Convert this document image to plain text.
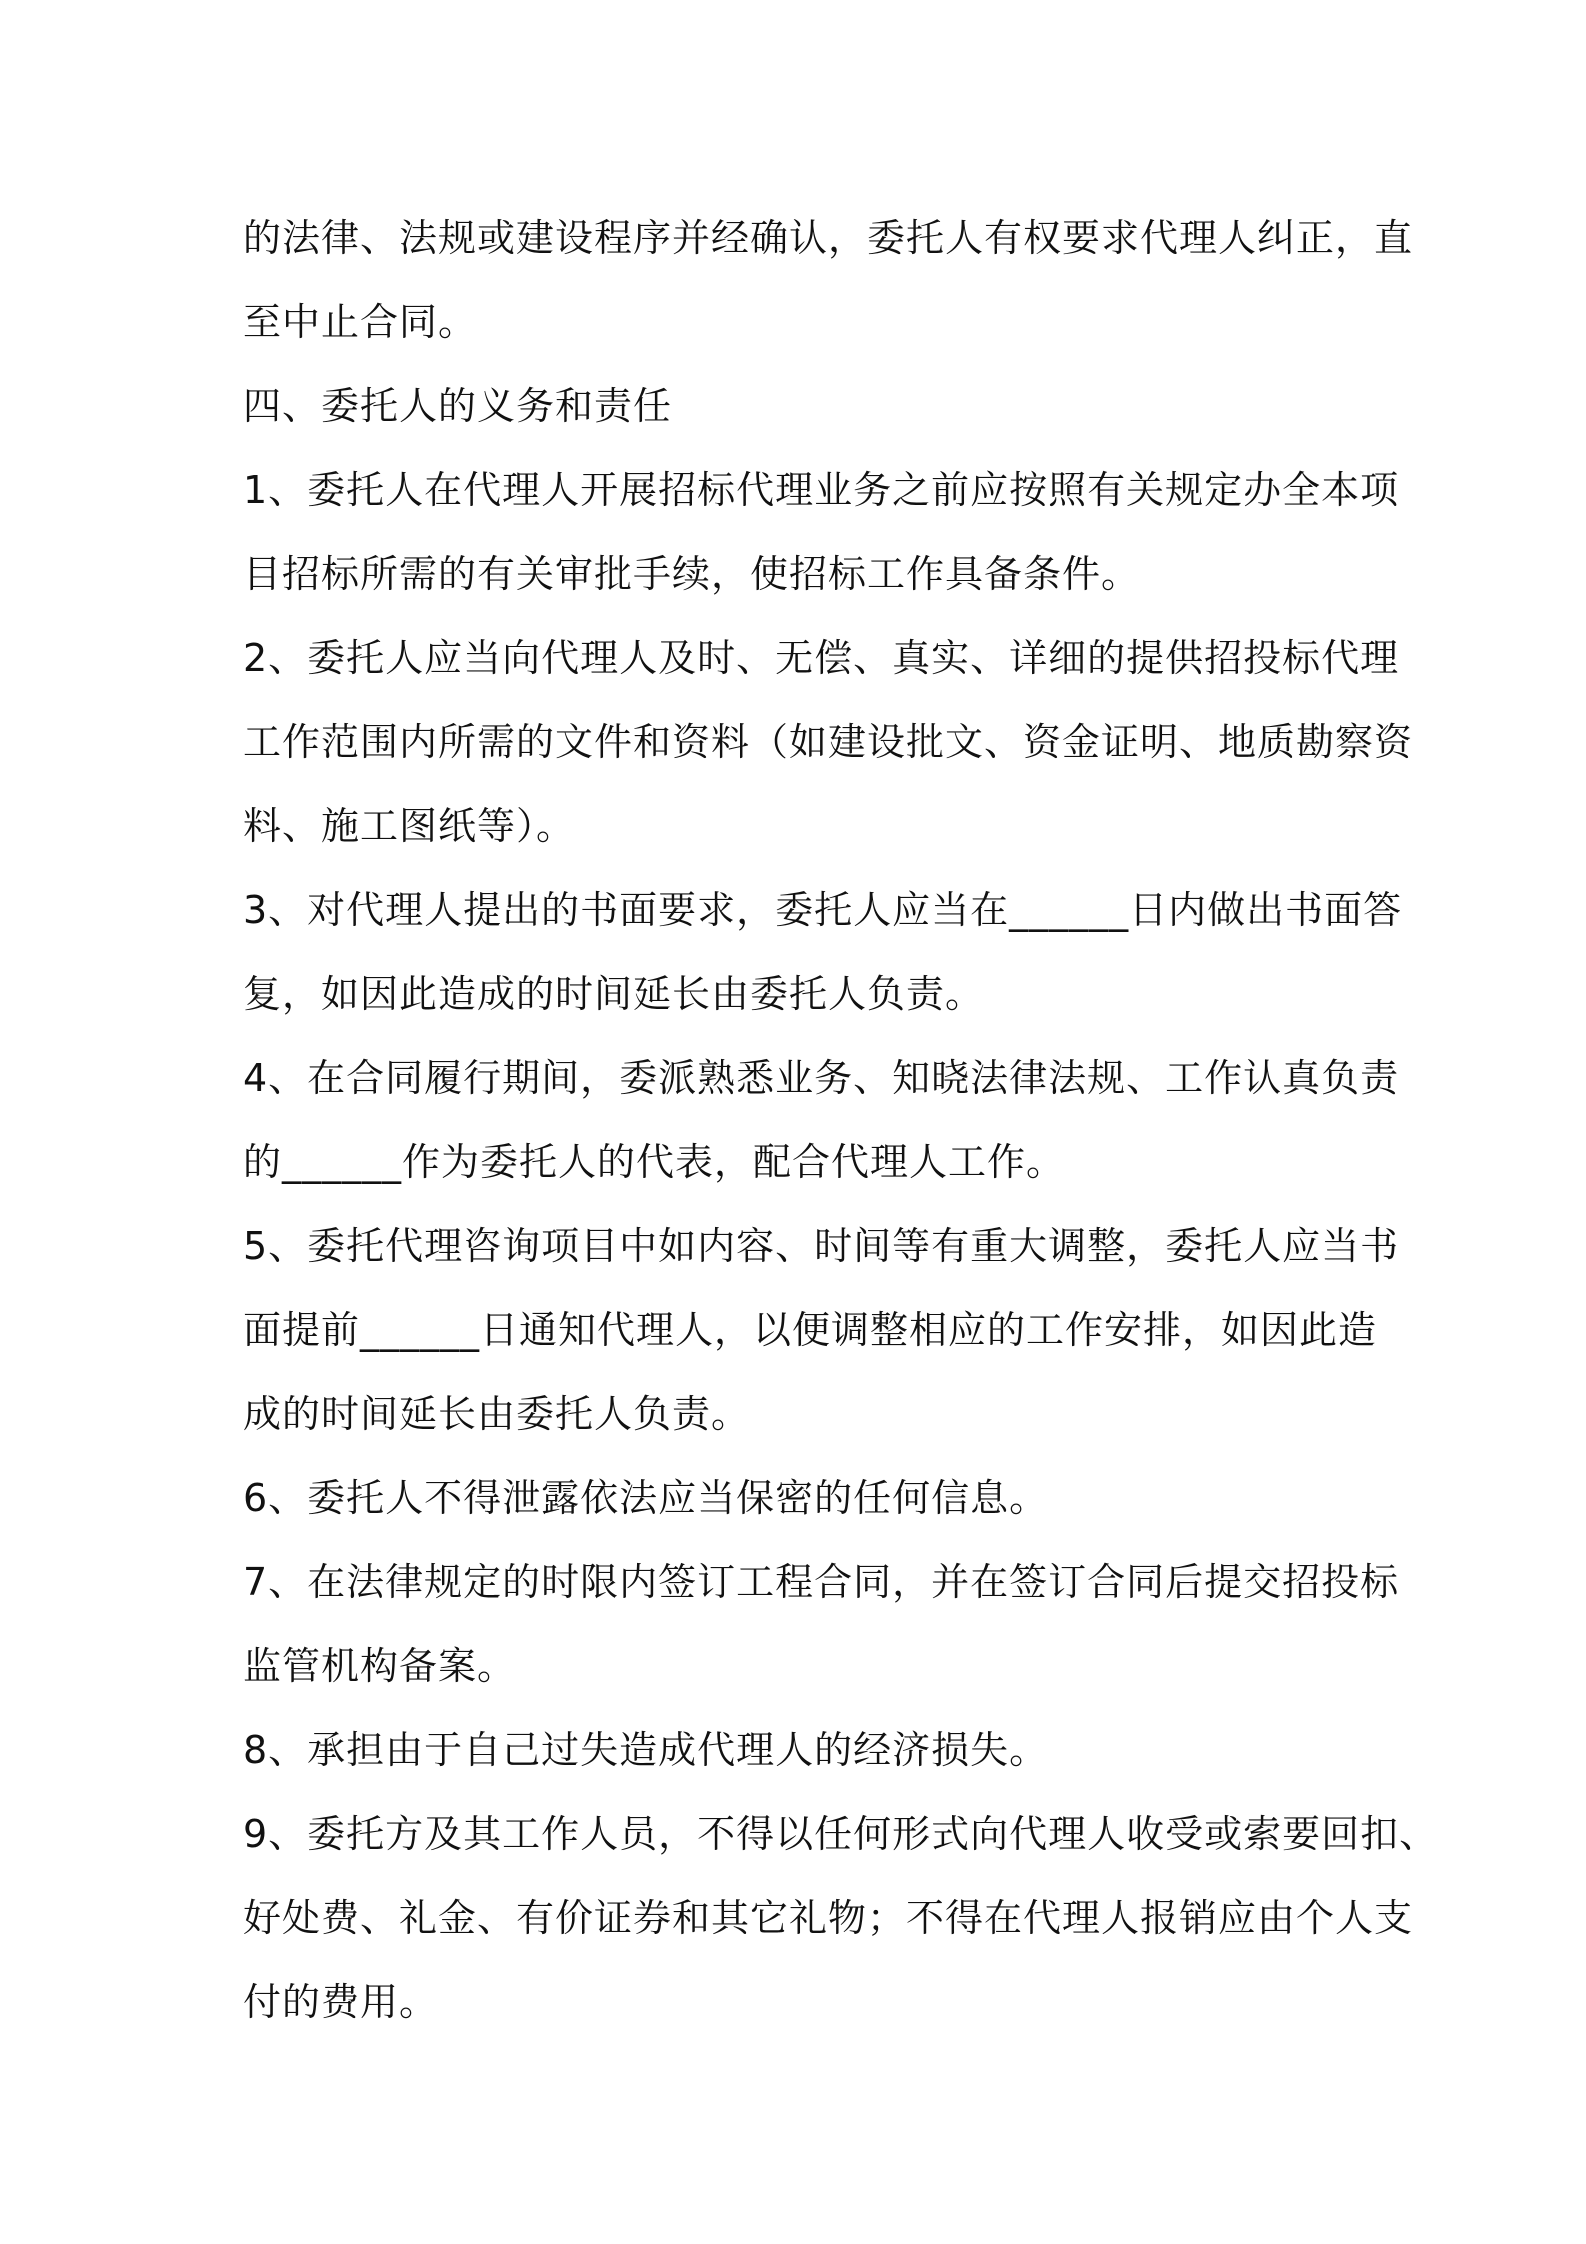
的法律、法规或建设程序并经确认，委托人有权要求代理人纠正，直
至中止合同。
四、委托人的义务和责任
1、委托人在代理人开展招标代理业务之前应按照有关规定办全本项
目招标所需的有关审批手续，使招标工作具备条件。
2、委托人应当向代理人及时、无偿、真实、详细的提供招投标代理
工作范围内所需的文件和资料（如建设批文、资金证明、地质勘察资
料、施工图纸等）。
3、对代理人提出的书面要求，委托人应当在______日内做出书面答
复，如因此造成的时间延长由委托人负责。
4、在合同履行期间，委派熟悉业务、知晓法律法规、工作认真负责
的______作为委托人的代表，配合代理人工作。
5、委托代理咨询项目中如内容、时间等有重大调整，委托人应当书
面提前______日通知代理人，以便调整相应的工作安排，如因此造
成的时间延长由委托人负责。
6、委托人不得泄露依法应当保密的任何信息。
7、在法律规定的时限内签订工程合同，并在签订合同后提交招投标
监管机构备案。
8、承担由于自己过失造成代理人的经济损失。
9、委托方及其工作人员，不得以任何形式向代理人收受或索要回扣、
好处费、礼金、有价证券和其它礼物；不得在代理人报销应由个人支
付的费用。
